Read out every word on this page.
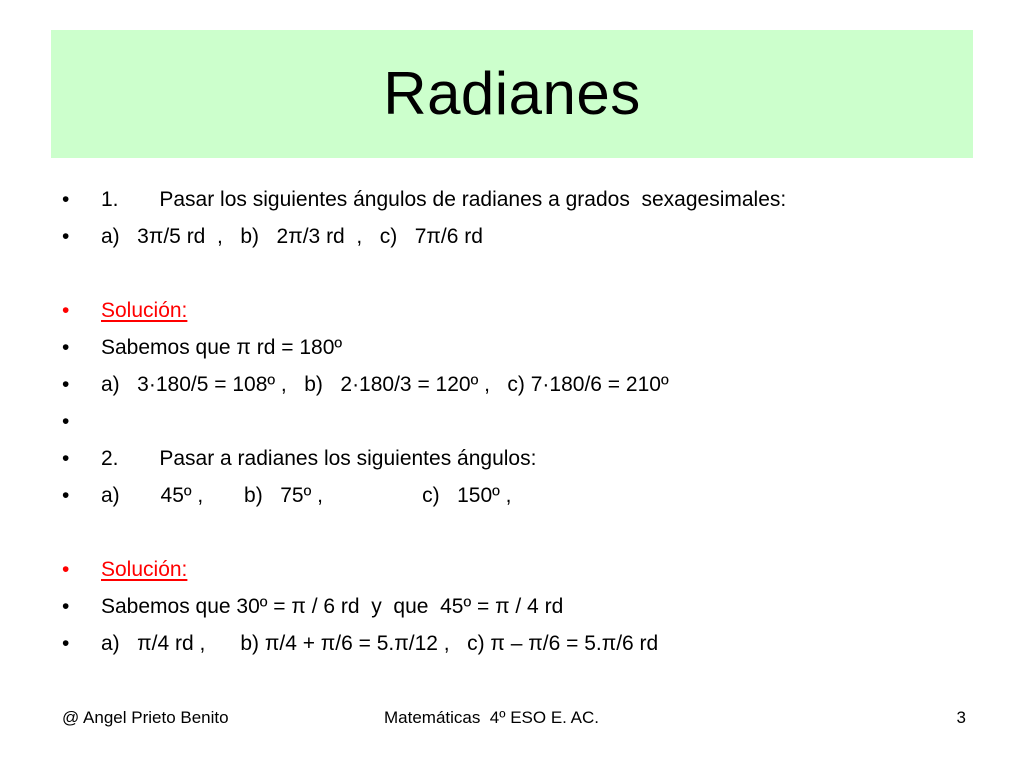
Radianes
•	1.       Pasar los siguientes ángulos de radianes a grados  sexagesimales:
•	a)   3π/5 rd  ,   b)   2π/3 rd  ,   c)   7π/6 rd
•	Solución:
•	Sabemos que π rd = 180º
•	a)   3·180/5 = 108º ,   b)   2·180/3 = 120º ,   c) 7·180/6 = 210º
•
•	2.       Pasar a radianes los siguientes ángulos:
•	a)       45º ,       b)   75º ,                 c)   150º ,
•	Solución:
•	Sabemos que 30º = π / 6 rd  y  que  45º = π / 4 rd
•	a)   π/4 rd ,      b) π/4 + π/6 = 5.π/12 ,   c) π – π/6 = 5.π/6 rd
@ Angel Prieto Benito	Matemáticas  4º ESO E. AC.	3
